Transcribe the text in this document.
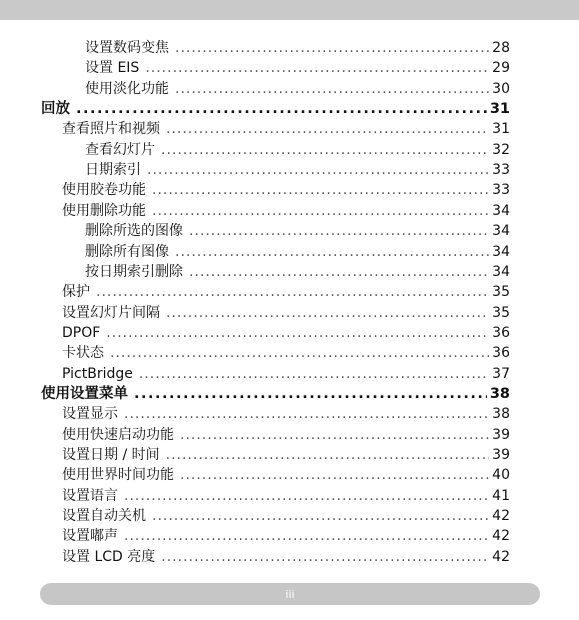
设置数码变焦 .....	28
设置 EIS .....	29
使用淡化功能 .....	30
回放 .....	31
查看照片和视频 .....	31
查看幻灯片 .....	32
日期索引 .....	33
使用胶卷功能 .....	33
使用删除功能 .....	34
删除所选的图像 .....	34
删除所有图像 .....	34
按日期索引删除 .....	34
保护 .....	35
设置幻灯片间隔 .....	35
DPOF .....	36
卡状态 .....	36
PictBridge .....	37
使用设置菜单 .....	38
设置显示 .....	38
使用快速启动功能 .....	39
设置日期 / 时间 .....	39
使用世界时间功能 .....	40
设置语言 .....	41
设置自动关机 .....	42
设置嘟声 .....	42
设置 LCD 亮度 .....	42
iii
